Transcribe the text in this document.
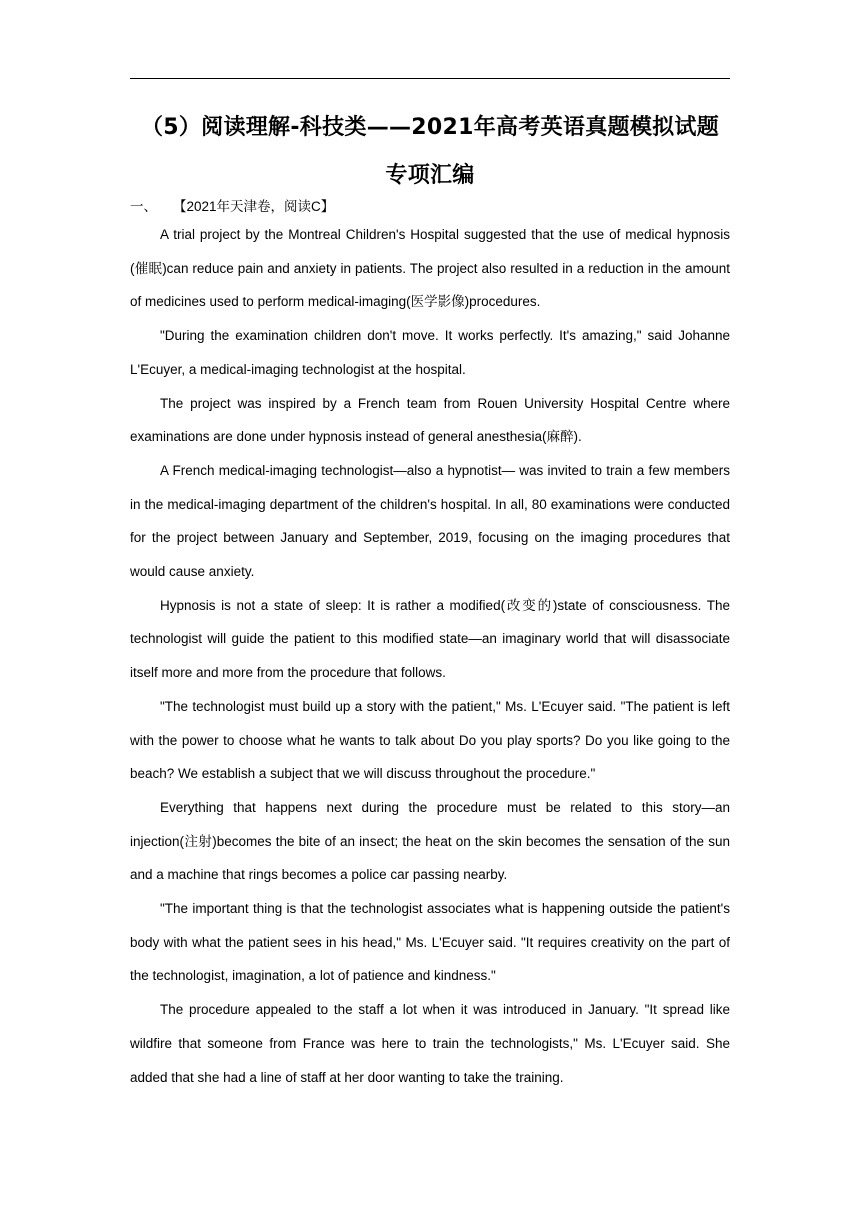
（5）阅读理解-科技类——2021年高考英语真题模拟试题专项汇编
一、 【2021年天津卷，阅读C】

A trial project by the Montreal Children's Hospital suggested that the use of medical hypnosis (催眠)can reduce pain and anxiety in patients. The project also resulted in a reduction in the amount of medicines used to perform medical-imaging(医学影像)procedures.

"During the examination children don't move. It works perfectly. It's amazing," said Johanne L'Ecuyer, a medical-imaging technologist at the hospital.

The project was inspired by a French team from Rouen University Hospital Centre where examinations are done under hypnosis instead of general anesthesia(麻醉).

A French medical-imaging technologist—also a hypnotist— was invited to train a few members in the medical-imaging department of the children's hospital. In all, 80 examinations were conducted for the project between January and September, 2019, focusing on the imaging procedures that would cause anxiety.

Hypnosis is not a state of sleep: It is rather a modified(改变的)state of consciousness. The technologist will guide the patient to this modified state—an imaginary world that will disassociate itself more and more from the procedure that follows.

"The technologist must build up a story with the patient," Ms. L'Ecuyer said. "The patient is left with the power to choose what he wants to talk about Do you play sports? Do you like going to the beach? We establish a subject that we will discuss throughout the procedure."

Everything that happens next during the procedure must be related to this story—an injection(注射)becomes the bite of an insect; the heat on the skin becomes the sensation of the sun and a machine that rings becomes a police car passing nearby.

"The important thing is that the technologist associates what is happening outside the patient's body with what the patient sees in his head," Ms. L'Ecuyer said. "It requires creativity on the part of the technologist, imagination, a lot of patience and kindness."

The procedure appealed to the staff a lot when it was introduced in January. "It spread like wildfire that someone from France was here to train the technologists," Ms. L'Ecuyer said. She added that she had a line of staff at her door wanting to take the training.
